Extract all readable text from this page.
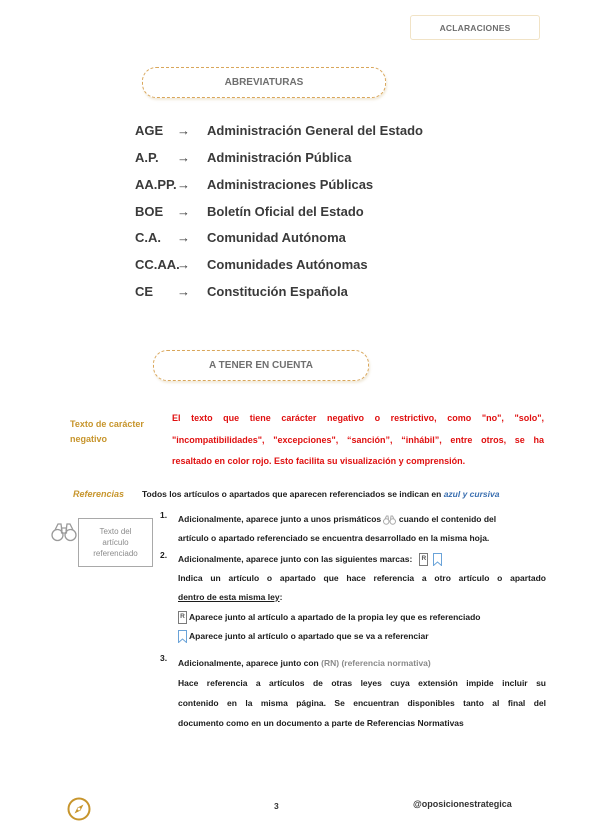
ACLARACIONES
ABREVIATURAS
AGE → Administración General del Estado
A.P. → Administración Pública
AA.PP. → Administraciones Públicas
BOE → Boletín Oficial del Estado
C.A. → Comunidad Autónoma
CC.AA.
→ Comunidades Autónomas
CE → Constitución Española
A TENER EN CUENTA
Texto de carácter
negativo
El texto que tiene carácter negativo o restrictivo, como "no", "solo",
"incompatibilidades", "excepciones", “sanción”, “inhábil”, entre otros, se ha
resaltado en color rojo. Esto facilita su visualización y comprensión.
Referencias Todos los artículos o apartados que aparecen referenciados se indican en azul y cursiva
Texto del
artículo
referenciado
1. Adicionalmente, aparece junto a unos prismáticos cuando el contenido del
artículo o apartado referenciado se encuentra desarrollado en la misma hoja.
2. Adicionalmente, aparece junto con las siguientes marcas: R
Indica un artículo o apartado que hace referencia a otro artículo o apartado
dentro de esta misma ley:
R Aparece junto al artículo a apartado de la propia ley que es referenciado
Aparece junto al artículo o apartado que se va a referenciar
3. Adicionalmente, aparece junto con (RN) (referencia normativa)
Hace referencia a artículos de otras leyes cuya extensión impide incluir su
contenido en la misma página. Se encuentran disponibles tanto al final del
documento como en un documento a parte de Referencias Normativas
3	@oposicionestrategica
